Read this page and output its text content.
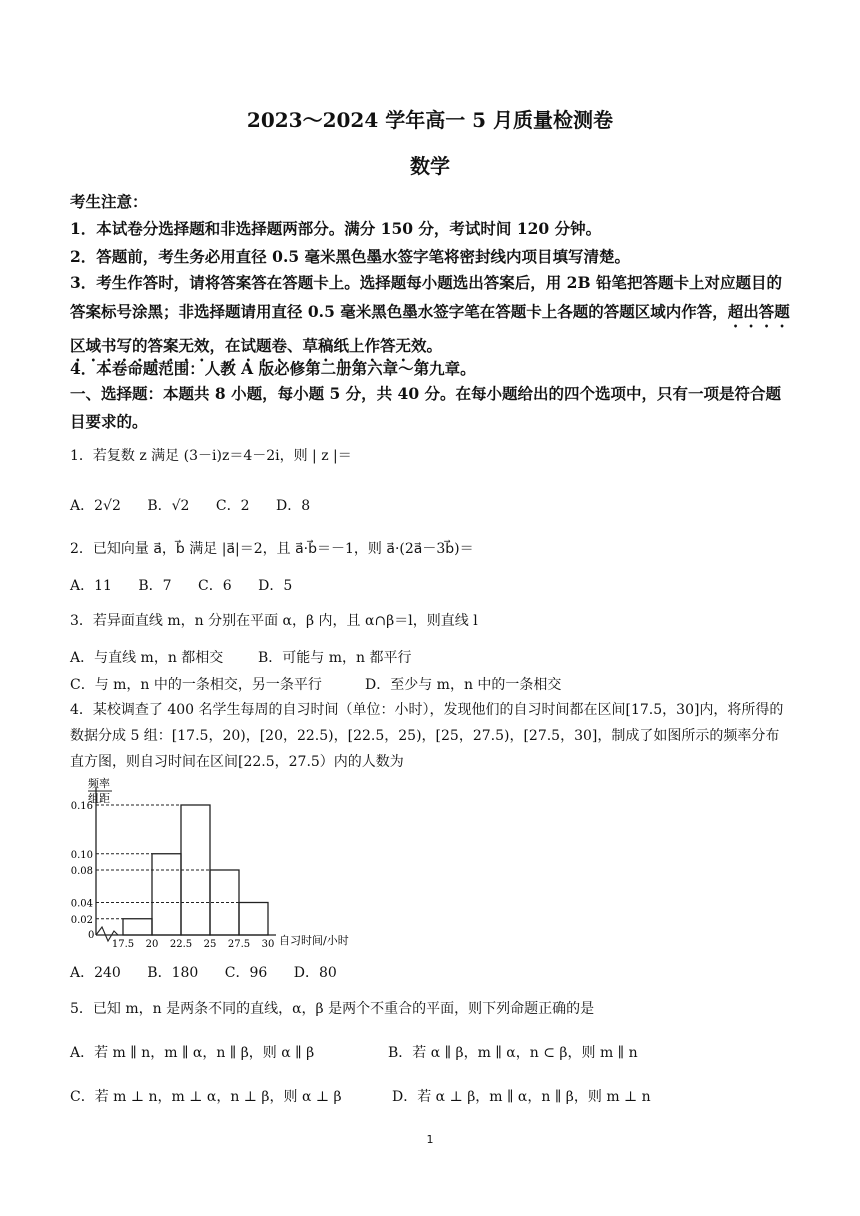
2023～2024 学年高一 5 月质量检测卷
数学
考生注意：
1．本试卷分选择题和非选择题两部分。满分 150 分，考试时间 120 分钟。
2．答题前，考生务必用直径 0.5 毫米黑色墨水签字笔将密封线内项目填写清楚。
3．考生作答时，请将答案答在答题卡上。选择题每小题选出答案后，用 2B 铅笔把答题卡上对应题目的答案标号涂黑；非选择题请用直径 0.5 毫米黑色墨水签字笔在答题卡上各题的答题区域内作答，超出答题区域书写的答案无效，在试题卷、草稿纸上作答无效。
4．本卷命题范围：人教 A 版必修第二册第六章～第九章。
一、选择题：本题共 8 小题，每小题 5 分，共 40 分。在每小题给出的四个选项中，只有一项是符合题目要求的。
1．若复数 z 满足 (3－i)z＝4－2i，则 | z |＝
A．2√2 B．√2 C．2 D．8
2．已知向量 a⃗，b⃗ 满足 |a⃗|＝2，且 a⃗·b⃗＝－1，则 a⃗·(2a⃗－3b⃗)＝
A．11 B．7 C．6 D．5
3．若异面直线 m，n 分别在平面 α，β 内，且 α∩β＝l，则直线 l
A．与直线 m，n 都相交 B．可能与 m，n 都平行
C．与 m，n 中的一条相交，另一条平行	D．至少与 m，n 中的一条相交
4．某校调查了 400 名学生每周的自习时间（单位：小时），发现他们的自习时间都在区间[17.5，30]内，将所得的数据分成 5 组：[17.5，20)，[20，22.5)，[22.5，25)，[25，27.5)，[27.5，30]，制成了如图所示的频率分布直方图，则自习时间在区间[22.5，27.5）内的人数为
频率
组距
0.16
0.10
0.08
0.04
0.02
17.5 20 22.5 25 27.5 30
0	自习时间/小时
A．240 B．180 C．96 D．80
5．已知 m，n 是两条不同的直线，α，β 是两个不重合的平面，则下列命题正确的是
A．若 m ∥ n，m ∥ α，n ∥ β，则 α ∥ β	B．若 α ∥ β，m ∥ α，n ⊂ β，则 m ∥ n
C．若 m ⊥ n，m ⊥ α，n ⊥ β，则 α ⊥ β	D．若 α ⊥ β，m ∥ α，n ∥ β，则 m ⊥ n
1
